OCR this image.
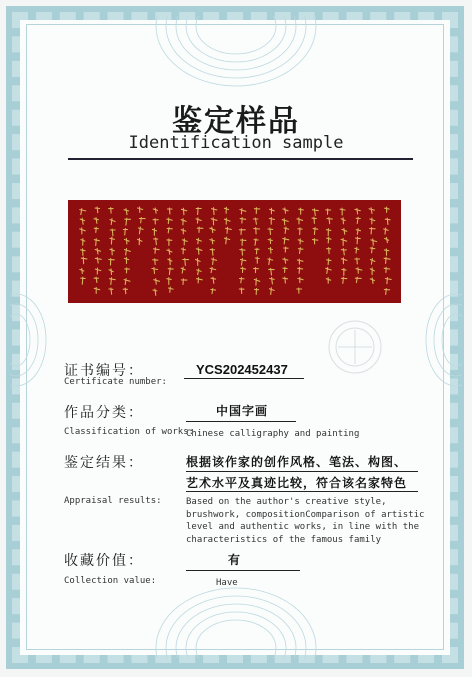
鉴定样品
Identification sample
证书编号：
Certificate number:
YCS202452437
作品分类：
Classification of works:
中国字画
Chinese calligraphy and painting
鉴定结果：	根据该作家的创作风格、笔法、构图、
艺术水平及真迹比较，符合该名家特色
Appraisal results:	Based on the author's creative style,
brushwork, compositionComparison of artistic
level and authentic works, in line with the
characteristics of the famous family
收藏价值：
Collection value:
有
Have
